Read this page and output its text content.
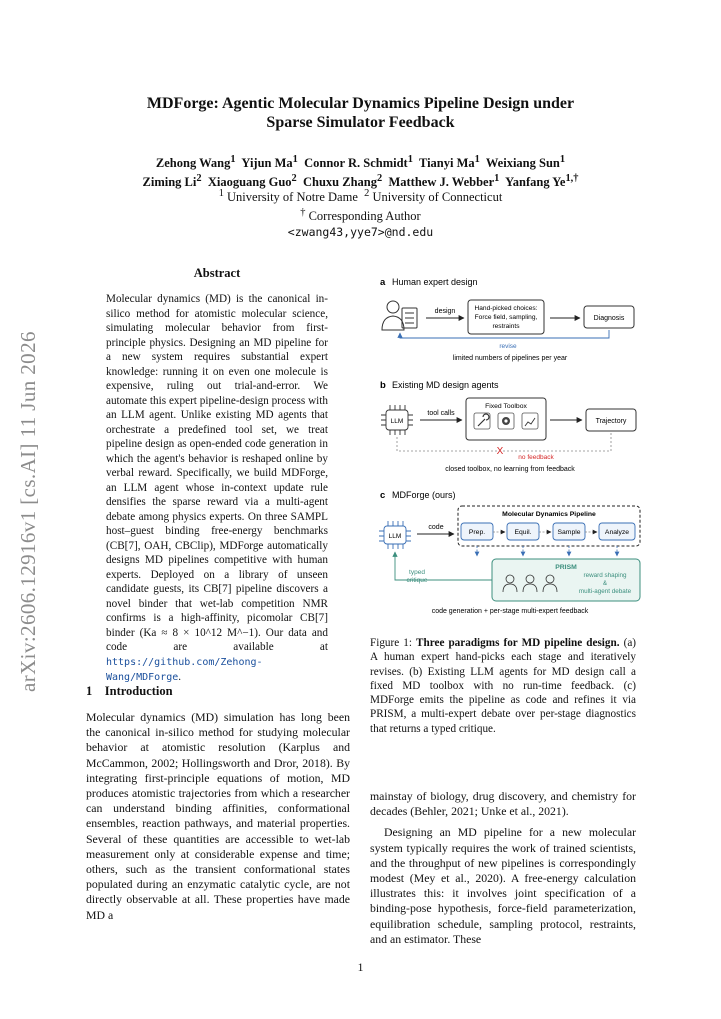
arXiv:2606.12916v1 [cs.AI] 11 Jun 2026
MDForge: Agentic Molecular Dynamics Pipeline Design under
Sparse Simulator Feedback
Zehong Wang$^1$ Yijun Ma$^1$ Connor R. Schmidt$^1$ Tianyi Ma$^1$ Weixiang Sun$^1$
Ziming Li$^2$ Xiaoguang Guo$^2$ Chuxu Zhang$^2$ Matthew J. Webber$^1$ Yanfang $Ye^{1,\dagger}$
$^1$ University of Notre Dame $^2$ University of Connecticut
† Corresponding Author
<zwang43,yye7>@nd.edu
Abstract
Molecular dynamics (MD) is the canonical in-silico method for atomistic molecular science, simulating molecular behavior from first-principle physics. Designing an MD pipeline for a new system requires substantial expert knowledge: running it on even one molecule is expensive, ruling out trial-and-error. We automate this expert pipeline-design process with an LLM agent. Unlike existing MD agents that orchestrate a predefined tool set, we treat pipeline design as open-ended code generation in which the agent's behavior is reshaped online by verbal reward. Specifically, we build MDForge, an LLM agent whose in-context update rule densifies the sparse reward via a multi-agent debate among physics experts. On three SAMPL host–guest binding free-energy benchmarks (CB[7], OAH, CBClip), MDForge automatically designs MD pipelines competitive with human experts. Deployed on a library of unseen candidate guests, its CB[7] pipeline discovers a novel binder that wet-lab competition NMR confirms is a high-affinity, picomolar CB[7] binder (Ka ≈ 8 × 10^12 M^−1). Our data and code are available at https://github.com/Zehong-Wang/MDForge.
1 Introduction
Molecular dynamics (MD) simulation has long been the canonical in-silico method for studying molecular behavior at atomistic resolution (Karplus and McCammon, 2002; Hollingsworth and Dror, 2018). By integrating first-principle equations of motion, MD produces atomistic trajectories from which a researcher can understand binding affinities, conformational ensembles, reaction pathways, and material properties. Several of these quantities are accessible to wet-lab measurement only at considerable expense and time; others, such as the transient conformational states populated during an enzymatic catalytic cycle, are not directly observable at all. These properties have made MD a
a Human expert design
design	Hand-picked choices:
Force field, sampling,
restraints
Diagnosis
revise
limited numbers of pipelines per year
b Existing MD design agents
LLM
tool calls
Fixed Toolbox
Trajectory
X
no feedback
closed toolbox, no learning from feedback
c MDForge (ours)
LLM
code
Molecular Dynamics Pipeline
Prep.	Equil.	Sample	Analyze
PRISM
reward shaping
&
multi-agent debate
typed
critique
code generation + per-stage multi-expert feedback
Figure 1: Three paradigms for MD pipeline design. (a) A human expert hand-picks each stage and iteratively revises. (b) Existing LLM agents for MD design call a fixed MD toolbox with no run-time feedback. (c) MDForge emits the pipeline as code and refines it via PRISM, a multi-expert debate over per-stage diagnostics that returns a typed critique.

mainstay of biology, drug discovery, and chemistry for decades (Behler, 2021; Unke et al., 2021).

Designing an MD pipeline for a new molecular system typically requires the work of trained scientists, and the throughput of new pipelines is correspondingly modest (Mey et al., 2020). A free-energy calculation illustrates this: it involves joint specification of a binding-pose hypothesis, force-field parameterization, equilibration schedule, sampling protocol, restraints, and an estimator. These

1
